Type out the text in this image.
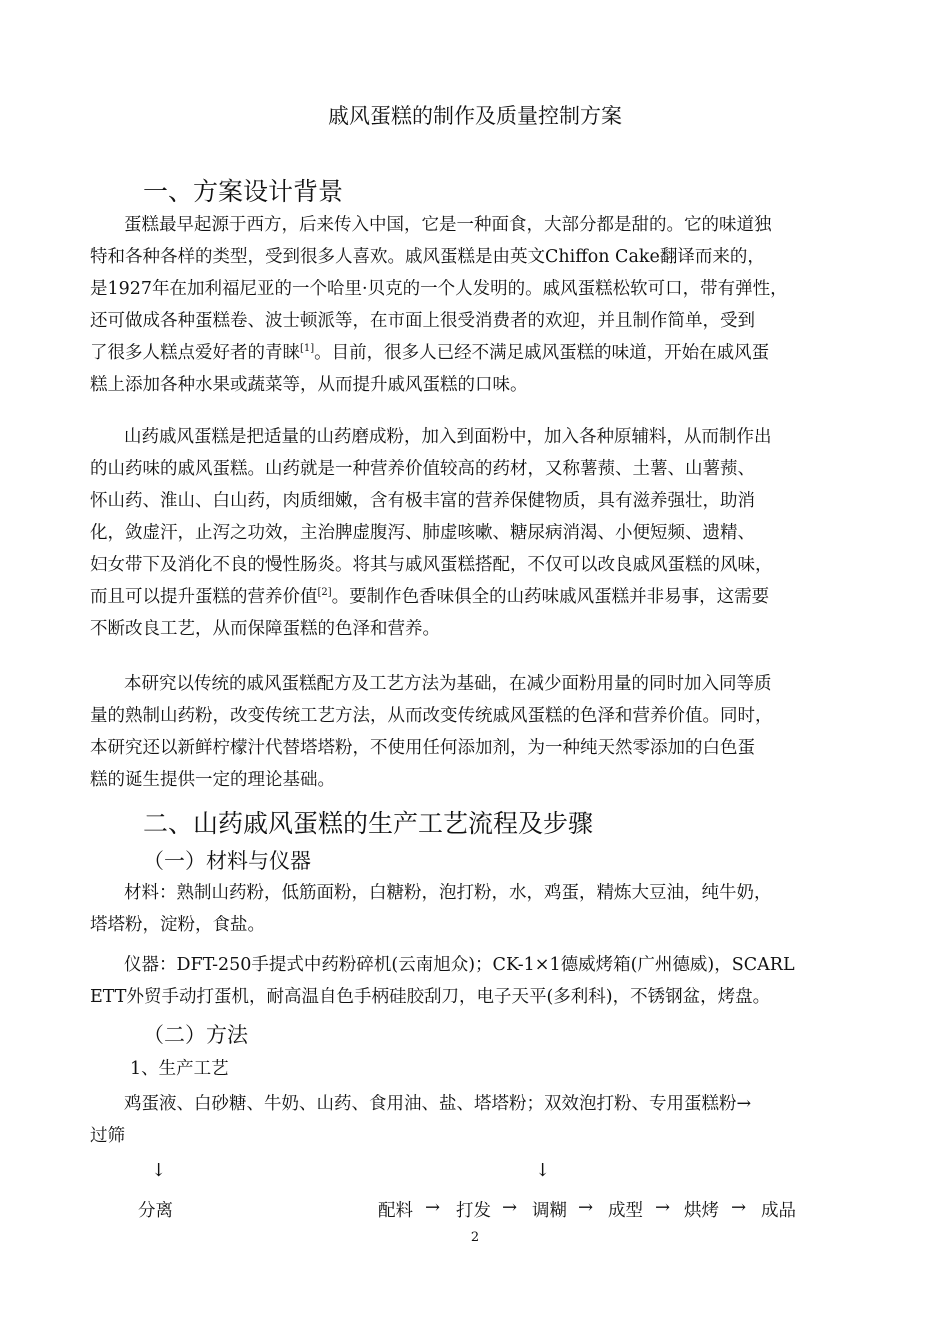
戚风蛋糕的制作及质量控制方案
一、方案设计背景
蛋糕最早起源于西方，后来传入中国，它是一种面食，大部分都是甜的。它的味道独
特和各种各样的类型，受到很多人喜欢。戚风蛋糕是由英文Chiffon Cake翻译而来的，
是1927年在加利福尼亚的一个哈里·贝克的一个人发明的。戚风蛋糕松软可口，带有弹性，
还可做成各种蛋糕卷、波士顿派等，在市面上很受消费者的欢迎，并且制作简单，受到
了很多人糕点爱好者的青睐[1]。目前，很多人已经不满足戚风蛋糕的味道，开始在戚风蛋
糕上添加各种水果或蔬菜等，从而提升戚风蛋糕的口味。
山药戚风蛋糕是把适量的山药磨成粉，加入到面粉中，加入各种原辅料，从而制作出
的山药味的戚风蛋糕。山药就是一种营养价值较高的药材，又称薯蓣、土薯、山薯蓣、
怀山药、淮山、白山药，肉质细嫩，含有极丰富的营养保健物质，具有滋养强壮，助消
化，敛虚汗，止泻之功效，主治脾虚腹泻、肺虚咳嗽、糖尿病消渴、小便短频、遗精、
妇女带下及消化不良的慢性肠炎。将其与戚风蛋糕搭配，不仅可以改良戚风蛋糕的风味，
而且可以提升蛋糕的营养价值[2]。要制作色香味俱全的山药味戚风蛋糕并非易事，这需要
不断改良工艺，从而保障蛋糕的色泽和营养。
本研究以传统的戚风蛋糕配方及工艺方法为基础，在减少面粉用量的同时加入同等质
量的熟制山药粉，改变传统工艺方法，从而改变传统戚风蛋糕的色泽和营养价值。同时，
本研究还以新鲜柠檬汁代替塔塔粉，不使用任何添加剂，为一种纯天然零添加的白色蛋
糕的诞生提供一定的理论基础。
二、山药戚风蛋糕的生产工艺流程及步骤
（一）材料与仪器
材料：熟制山药粉，低筋面粉，白糖粉，泡打粉，水，鸡蛋，精炼大豆油，纯牛奶，
塔塔粉，淀粉，食盐。
仪器：DFT-250手提式中药粉碎机(云南旭众)；CK-1×1德威烤箱(广州德威)，SCARL
ETT外贸手动打蛋机，耐高温自色手柄硅胶刮刀，电子天平(多利科)，不锈钢盆，烤盘。
（二）方法
1、生产工艺
鸡蛋液、白砂糖、牛奶、山药、食用油、盐、塔塔粉；双效泡打粉、专用蛋糕粉→
过筛
↓	↓
分离	配料 → 打发 → 调糊 → 成型 → 烘烤 → 成品
2
